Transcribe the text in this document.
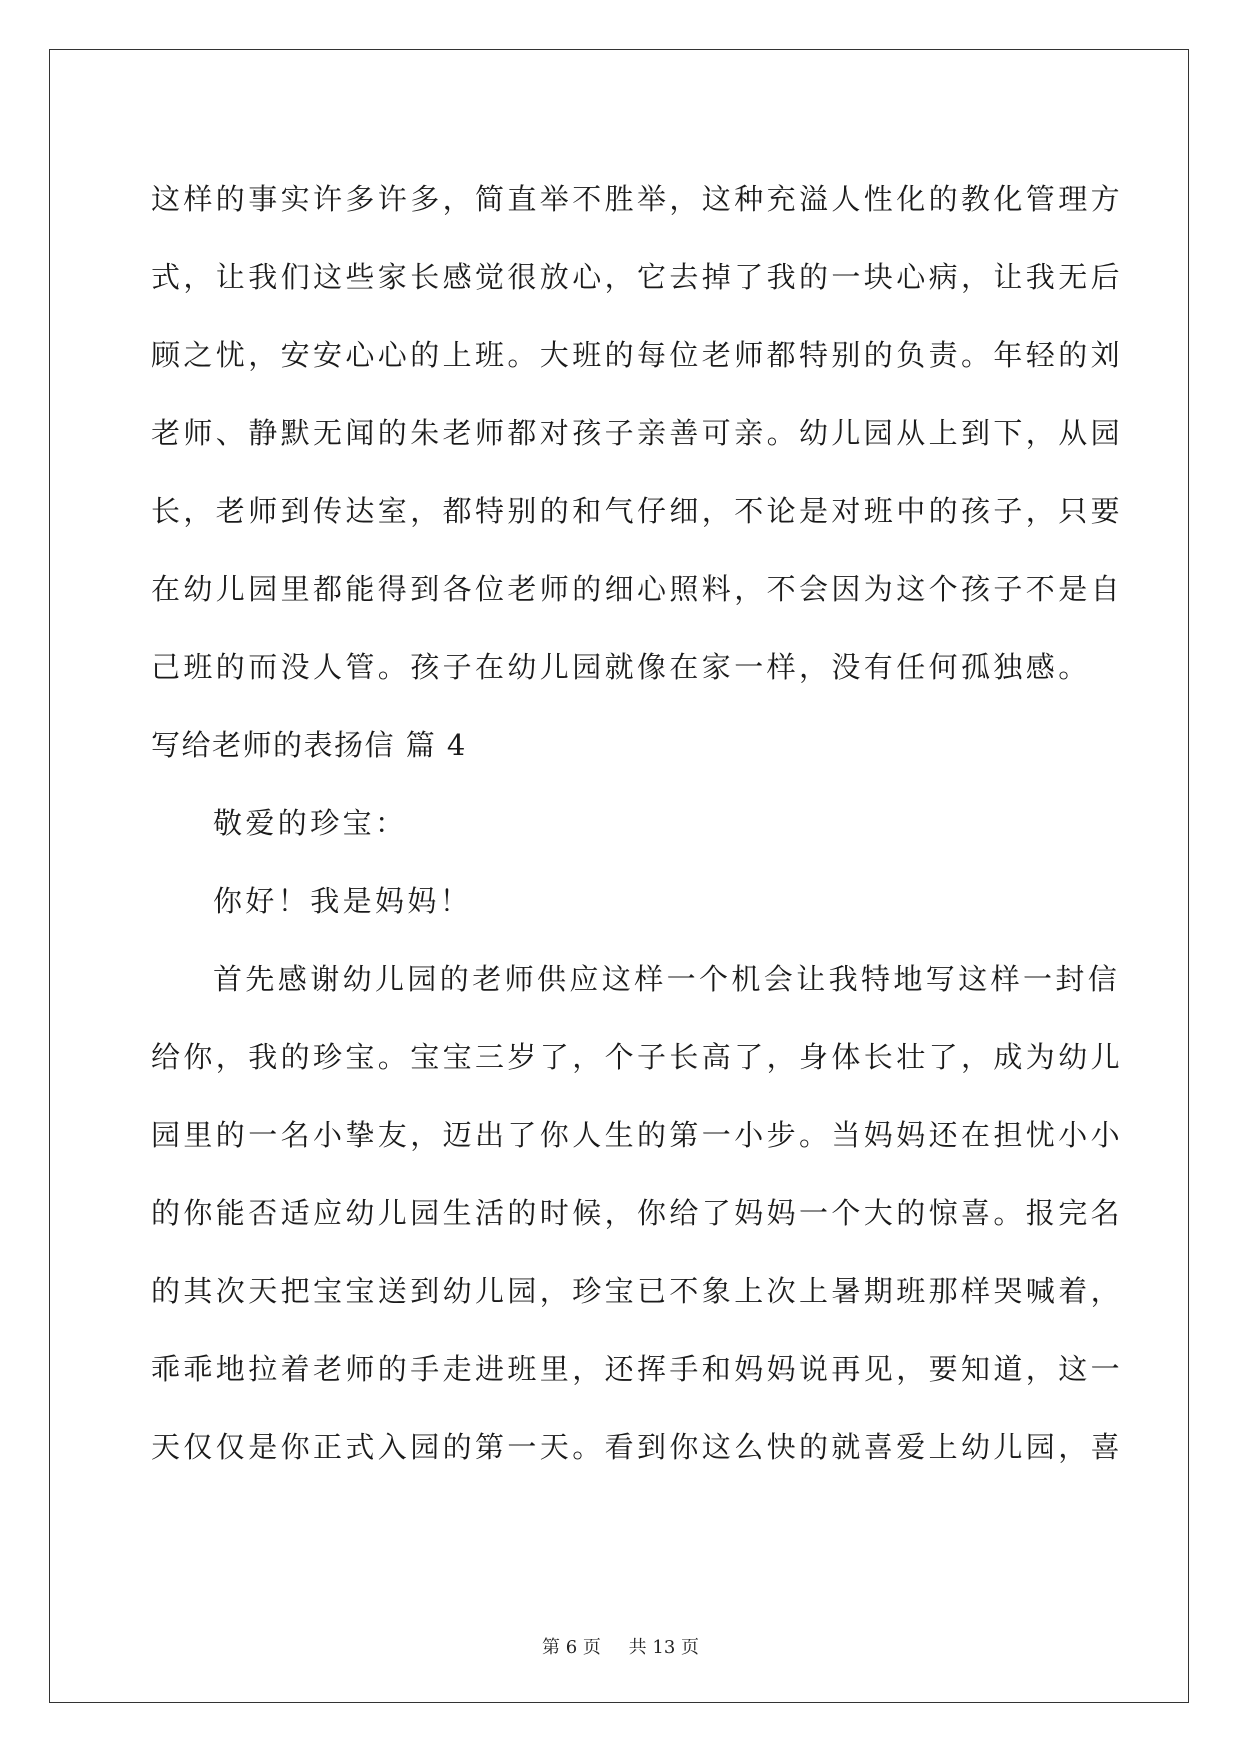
这样的事实许多许多，简直举不胜举，这种充溢人性化的教化管理方
式，让我们这些家长感觉很放心，它去掉了我的一块心病，让我无后
顾之忧，安安心心的上班。大班的每位老师都特别的负责。年轻的刘
老师、静默无闻的朱老师都对孩子亲善可亲。幼儿园从上到下，从园
长，老师到传达室，都特别的和气仔细，不论是对班中的孩子，只要
在幼儿园里都能得到各位老师的细心照料，不会因为这个孩子不是自
己班的而没人管。孩子在幼儿园就像在家一样，没有任何孤独感。
写给老师的表扬信 篇 4
敬爱的珍宝：
你好！我是妈妈！
首先感谢幼儿园的老师供应这样一个机会让我特地写这样一封信
给你，我的珍宝。宝宝三岁了，个子长高了，身体长壮了，成为幼儿
园里的一名小挚友，迈出了你人生的第一小步。当妈妈还在担忧小小
的你能否适应幼儿园生活的时候，你给了妈妈一个大的惊喜。报完名
的其次天把宝宝送到幼儿园，珍宝已不象上次上暑期班那样哭喊着，
乖乖地拉着老师的手走进班里，还挥手和妈妈说再见，要知道，这一
天仅仅是你正式入园的第一天。看到你这么快的就喜爱上幼儿园，喜
第 6 页 共 13 页
